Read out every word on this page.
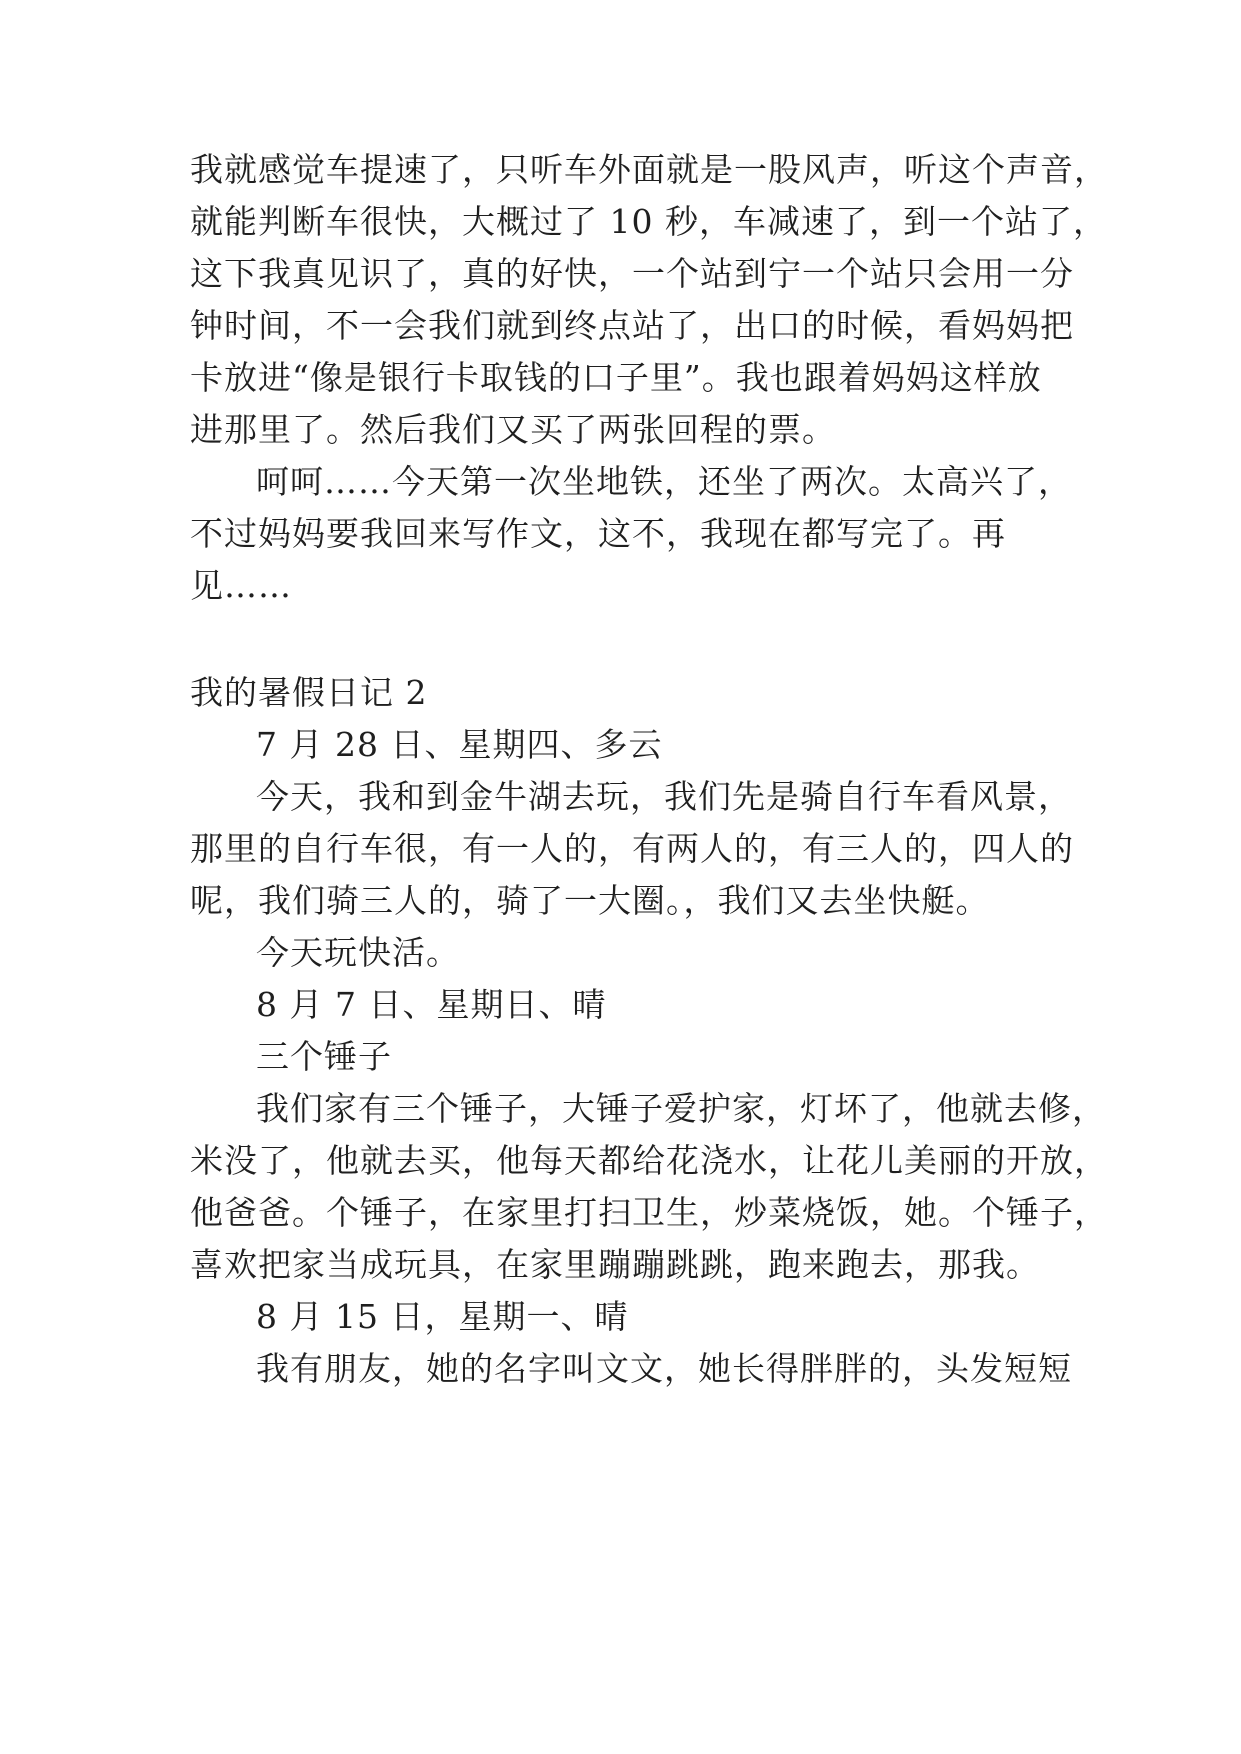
我就感觉车提速了，只听车外面就是一股风声，听这个声音，
就能判断车很快，大概过了 10 秒，车减速了，到一个站了，
这下我真见识了，真的好快，一个站到宁一个站只会用一分
钟时间，不一会我们就到终点站了，出口的时候，看妈妈把
卡放进“像是银行卡取钱的口子里”。我也跟着妈妈这样放
进那里了。然后我们又买了两张回程的票。
呵呵……今天第一次坐地铁，还坐了两次。太高兴了，
不过妈妈要我回来写作文，这不，我现在都写完了。再
见……
我的暑假日记 2
7 月 28 日、星期四、多云
今天，我和到金牛湖去玩，我们先是骑自行车看风景，
那里的自行车很，有一人的，有两人的，有三人的，四人的
呢，我们骑三人的，骑了一大圈。，我们又去坐快艇。
今天玩快活。
8 月 7 日、星期日、晴
三个锤子
我们家有三个锤子，大锤子爱护家，灯坏了，他就去修，
米没了，他就去买，他每天都给花浇水，让花儿美丽的开放，
他爸爸。个锤子，在家里打扫卫生，炒菜烧饭，她。个锤子，
喜欢把家当成玩具，在家里蹦蹦跳跳，跑来跑去，那我。
8 月 15 日，星期一、晴
我有朋友，她的名字叫文文，她长得胖胖的，头发短短
